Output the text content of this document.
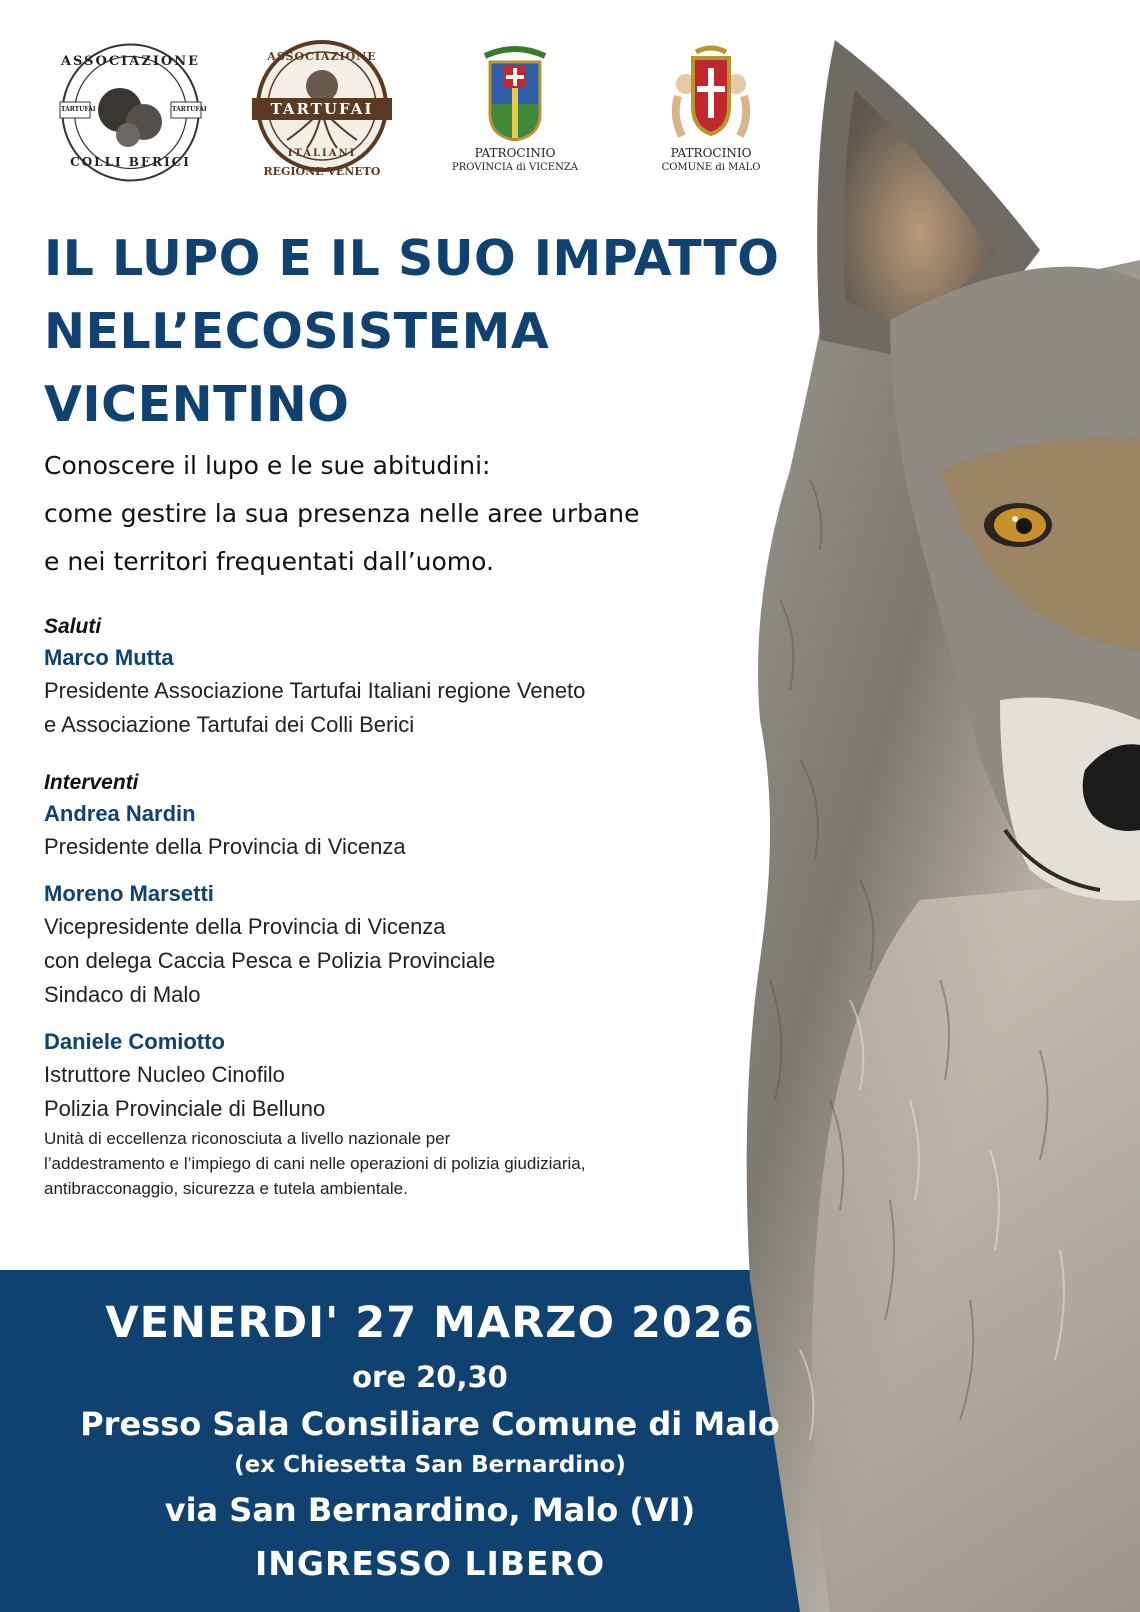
ASSOCIAZIONE
TARTUFAI	TARTUFAI
COLLI BERICI
ASSOCIAZIONE
TARTUFAI
ITALIANI
REGIONE VENETO
PATROCINIO
PROVINCIA di VICENZA
PATROCINIO
COMUNE di MALO
IL LUPO E IL SUO IMPATTO
NELL’ECOSISTEMA
VICENTINO
Conoscere il lupo e le sue abitudini:
come gestire la sua presenza nelle aree urbane
e nei territori frequentati dall’uomo.
Saluti
Marco Mutta
Presidente Associazione Tartufai Italiani regione Veneto
e Associazione Tartufai dei Colli Berici
Interventi
Andrea Nardin
Presidente della Provincia di Vicenza
Moreno Marsetti
Vicepresidente della Provincia di Vicenza
con delega Caccia Pesca e Polizia Provinciale
Sindaco di Malo
Daniele Comiotto
Istruttore Nucleo Cinofilo
Polizia Provinciale di Belluno
Unità di eccellenza riconosciuta a livello nazionale per
l’addestramento e l’impiego di cani nelle operazioni di polizia giudiziaria,
antibracconaggio, sicurezza e tutela ambientale.
VENERDI' 27 MARZO 2026
ore 20,30
Presso Sala Consiliare Comune di Malo
(ex Chiesetta San Bernardino)
via San Bernardino, Malo (VI)
INGRESSO LIBERO
